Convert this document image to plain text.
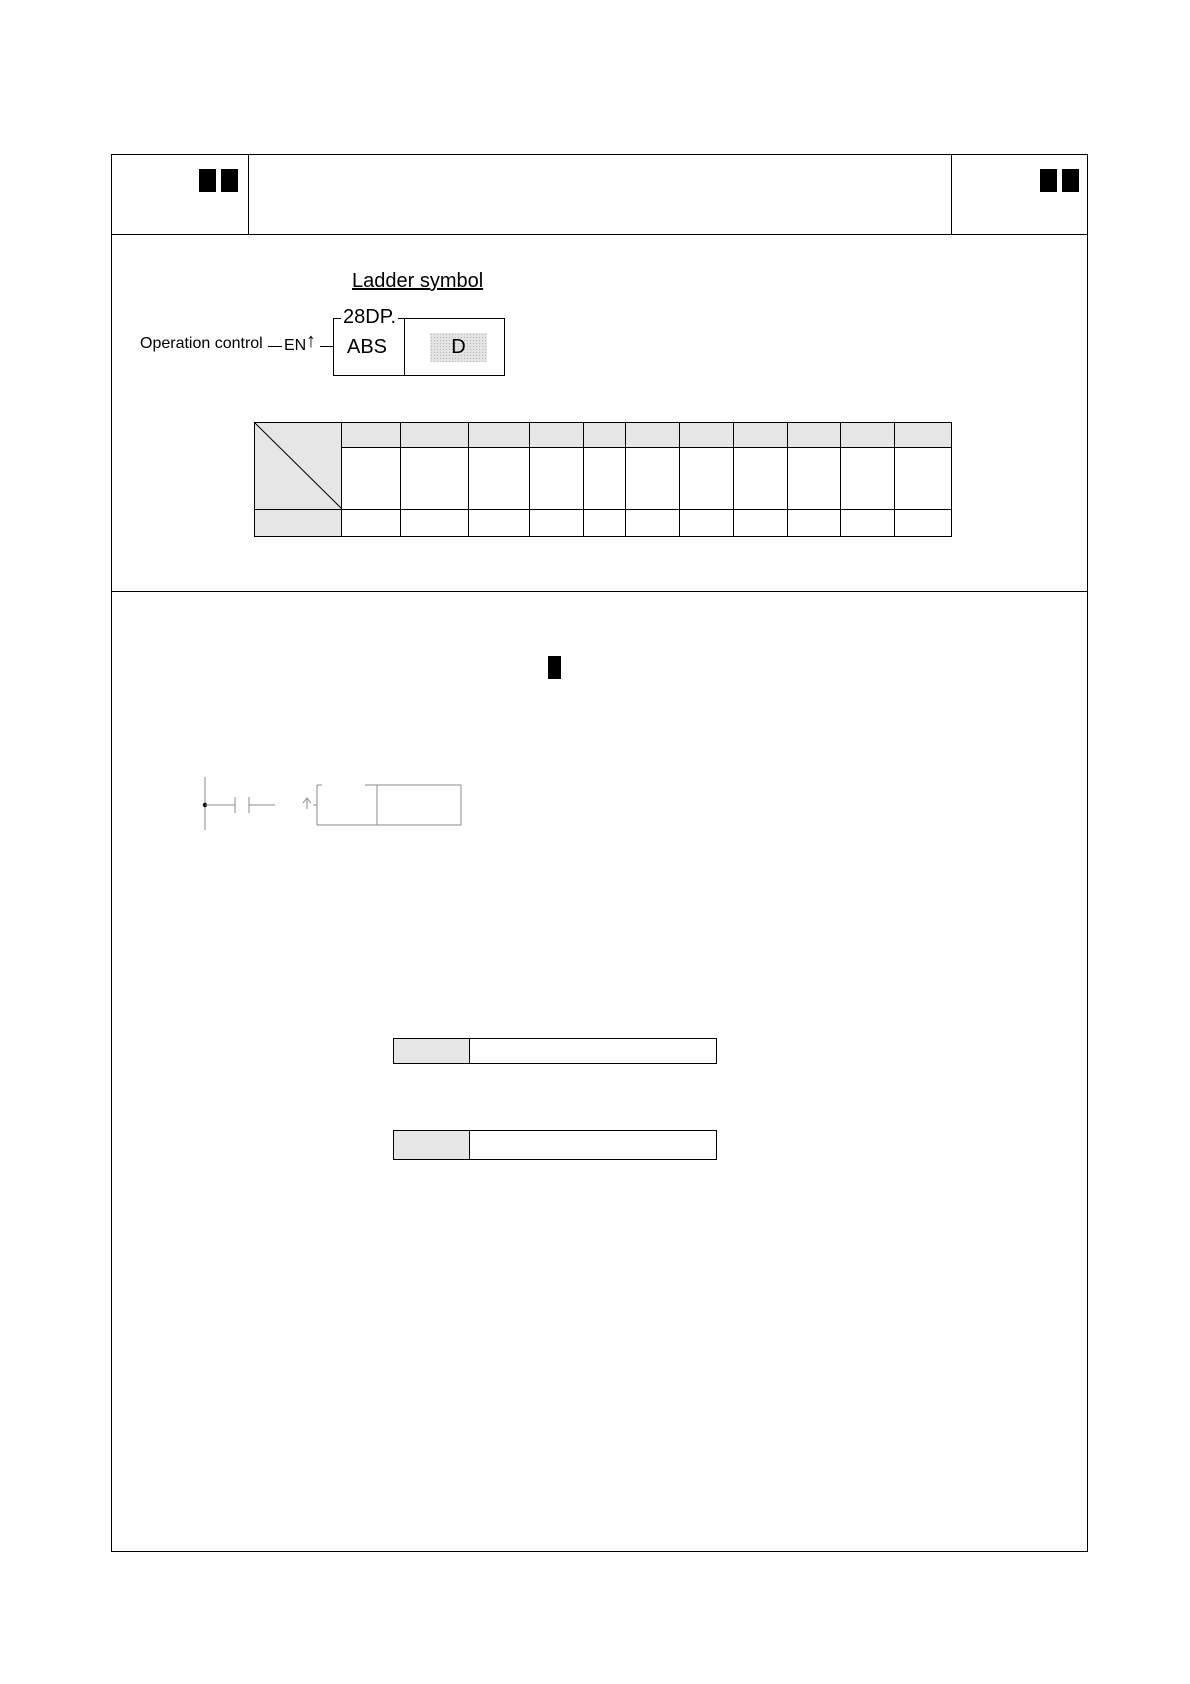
Ladder symbol
Operation control EN ↑
28DP.
ABS	D
